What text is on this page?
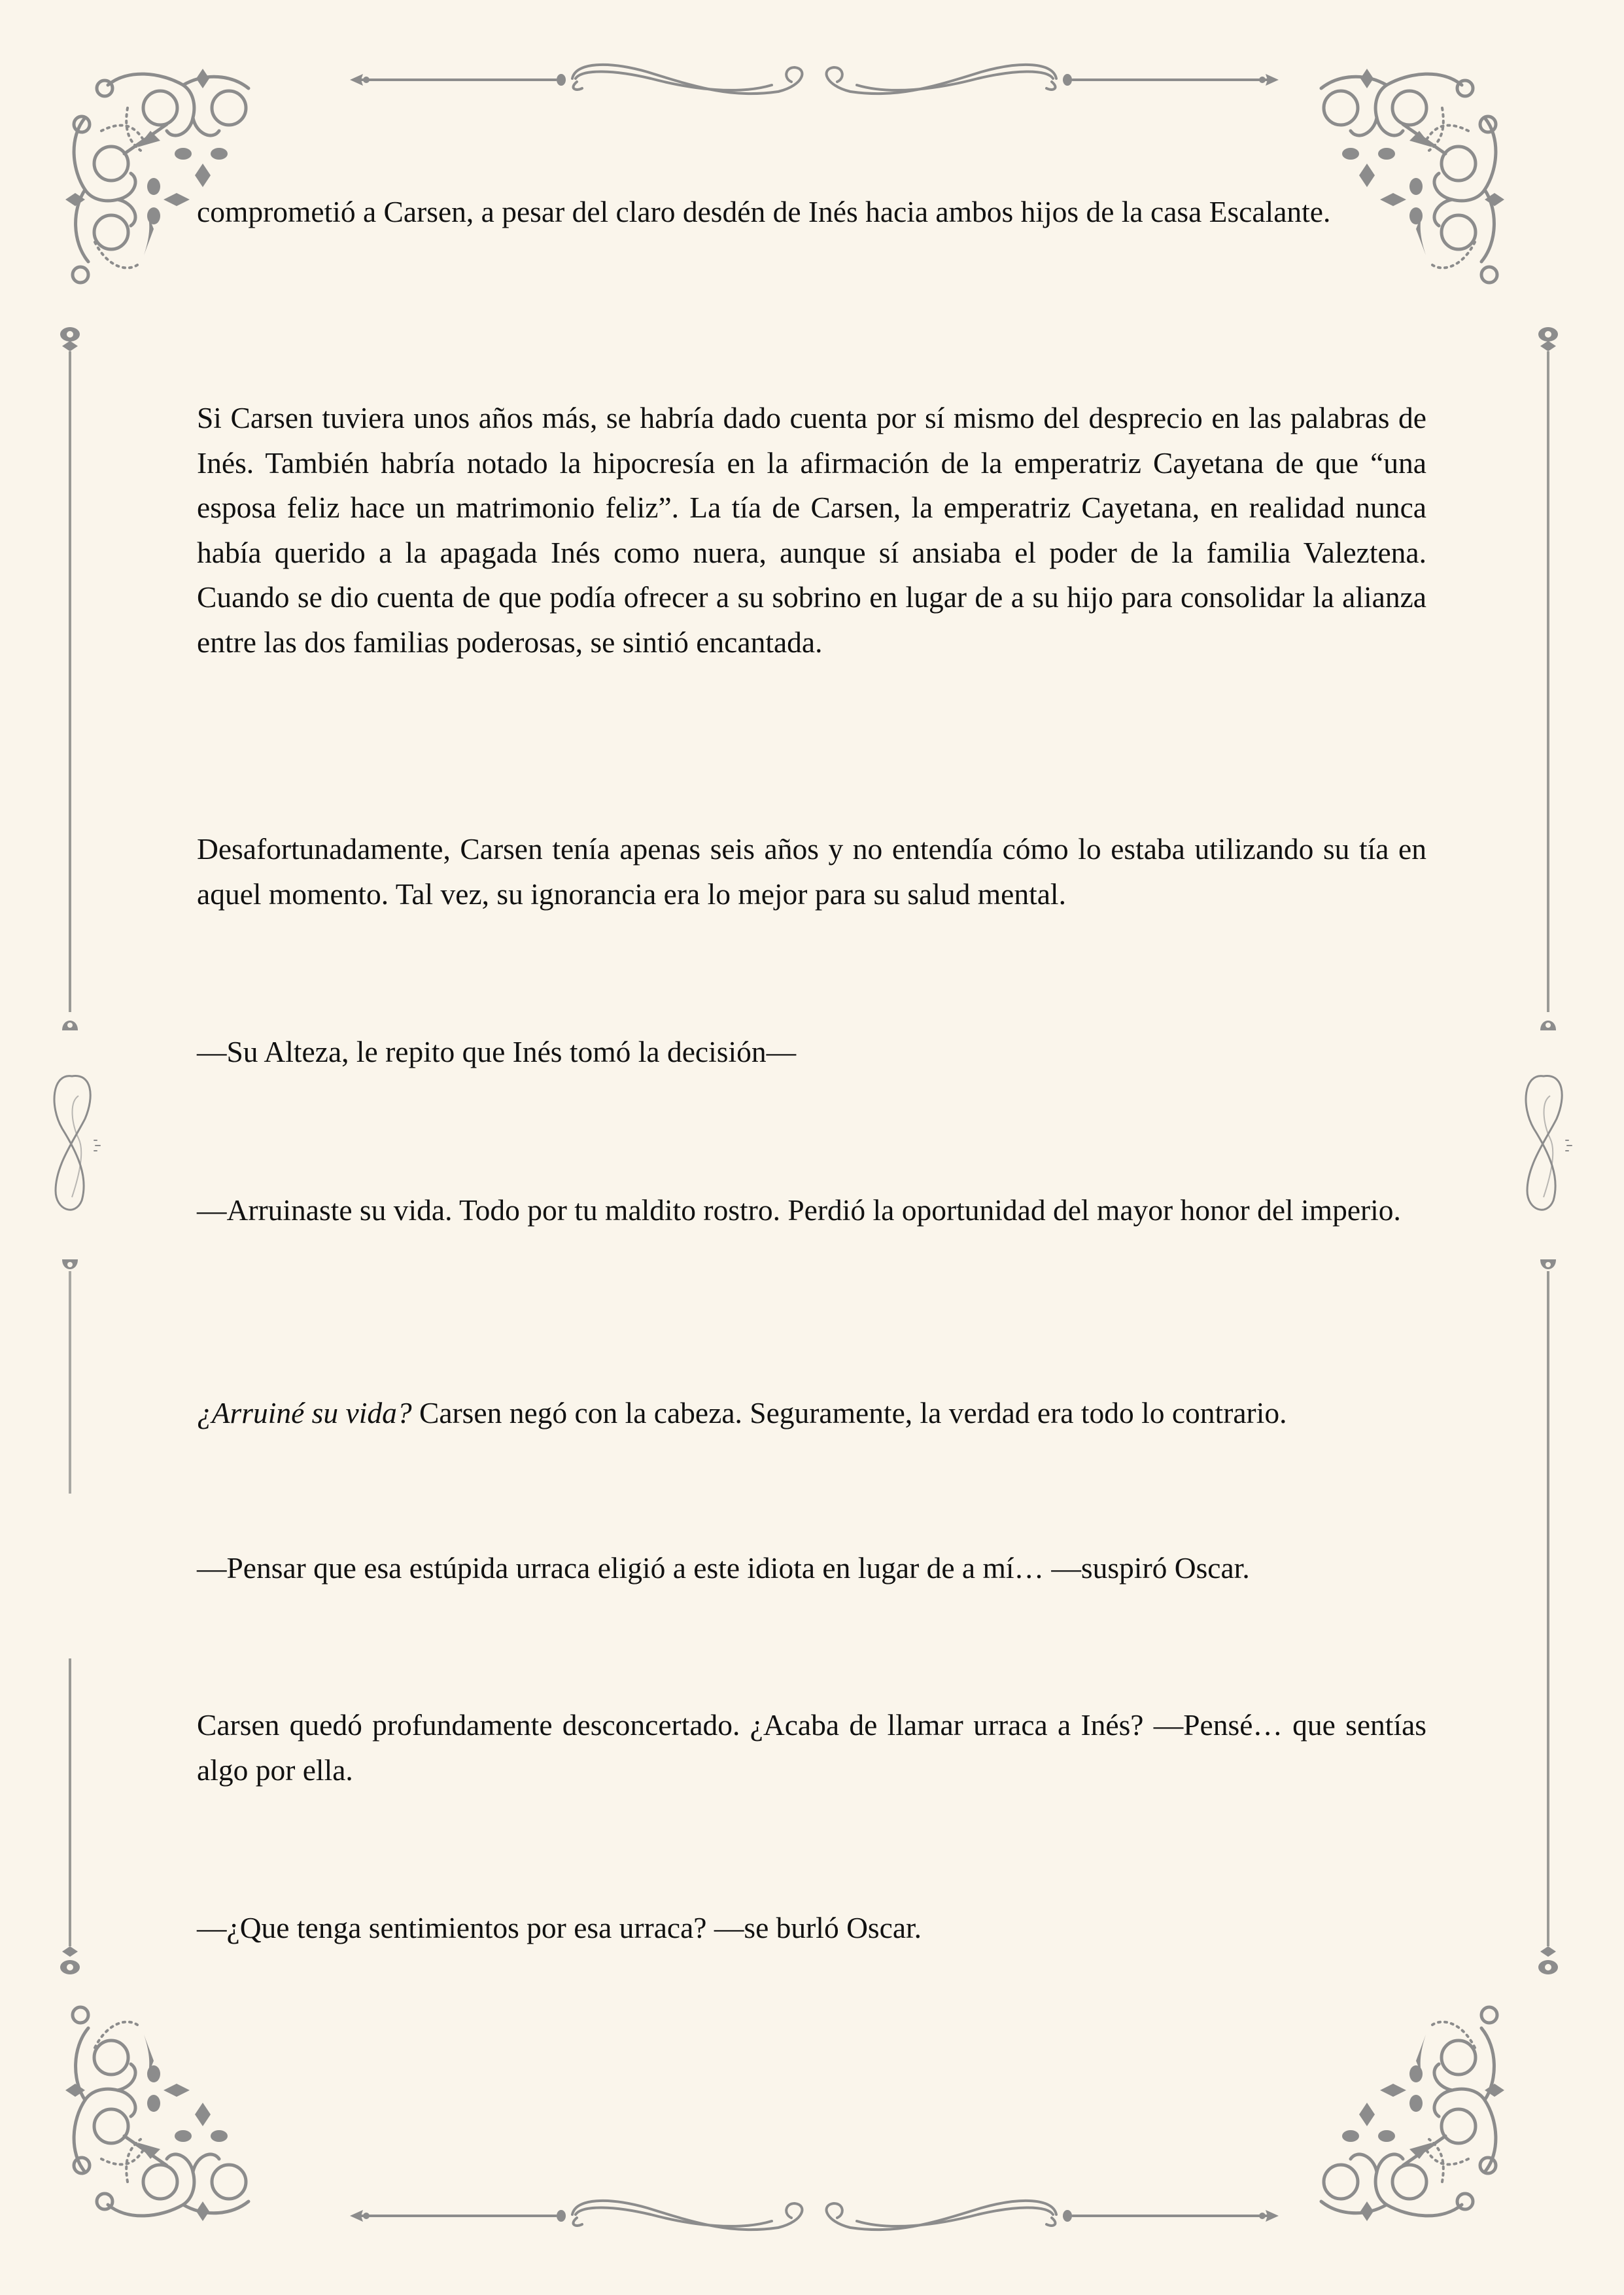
comprometió a Carsen, a pesar del claro desdén de Inés hacia ambos hijos de la casa Escalante.

Si Carsen tuviera unos años más, se habría dado cuenta por sí mismo del desprecio en las palabras de Inés. También habría notado la hipocresía en la afirmación de la emperatriz Cayetana de que “una esposa feliz hace un matrimonio feliz”. La tía de Carsen, la emperatriz Cayetana, en realidad nunca había querido a la apagada Inés como nuera, aunque sí ansiaba el poder de la familia Valeztena. Cuando se dio cuenta de que podía ofrecer a su sobrino en lugar de a su hijo para consolidar la alianza entre las dos familias poderosas, se sintió encantada.

Desafortunadamente, Carsen tenía apenas seis años y no entendía cómo lo estaba utilizando su tía en aquel momento. Tal vez, su ignorancia era lo mejor para su salud mental.

—Su Alteza, le repito que Inés tomó la decisión—

—Arruinaste su vida. Todo por tu maldito rostro. Perdió la oportunidad del mayor honor del imperio.

¿Arruiné su vida? Carsen negó con la cabeza. Seguramente, la verdad era todo lo contrario.

—Pensar que esa estúpida urraca eligió a este idiota en lugar de a mí… —suspiró Oscar.

Carsen quedó profundamente desconcertado. ¿Acaba de llamar urraca a Inés? —Pensé… que sentías algo por ella.

—¿Que tenga sentimientos por esa urraca? —se burló Oscar.
